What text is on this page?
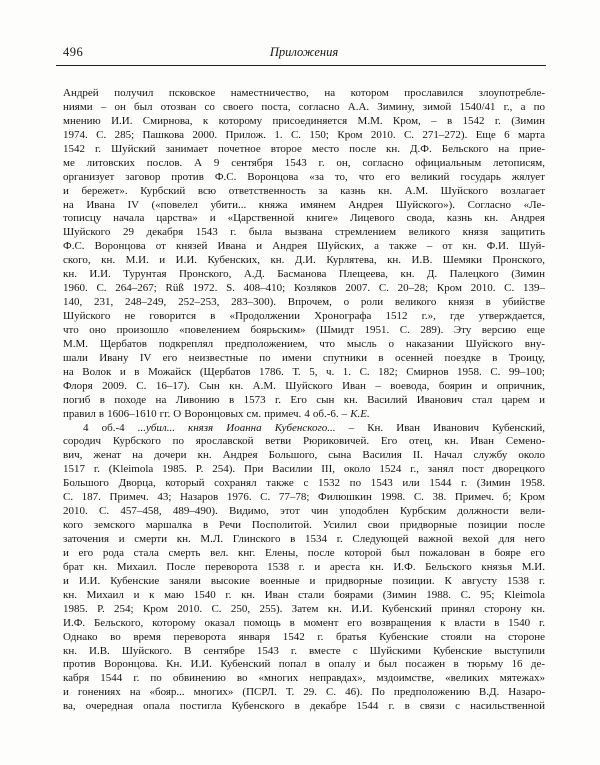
496	Приложения
Андрей получил псковское наместничество, на котором прославился злоупотребле-
ниями – он был отозван со своего поста, согласно А.А. Зимину, зимой 1540/41 г., а по
мнению И.И. Смирнова, к которому присоединяется М.М. Кром, – в 1542 г. (Зимин
1974. С. 285; Пашкова 2000. Прилож. 1. С. 150; Кром 2010. С. 271–272). Еще 6 марта
1542 г. Шуйский занимает почетное второе место после кн. Д.Ф. Бельского на прие-
ме литовских послов. А 9 сентября 1543 г. он, согласно официальным летописям,
организует заговор против Ф.С. Воронцова «за то, что его великий государь жялует
и бережет». Курбский всю ответственность за казнь кн. А.М. Шуйского возлагает
на Ивана IV («повелел убити... княжа имянем Андрея Шуйского»). Согласно «Ле-
тописцу начала царства» и «Царственной книге» Лицевого свода, казнь кн. Андрея
Шуйского 29 декабря 1543 г. была вызвана стремлением великого князя защитить
Ф.С. Воронцова от князей Ивана и Андрея Шуйских, а также – от кн. Ф.И. Шуй-
ского, кн. М.И. и И.И. Кубенских, кн. Д.И. Курлятева, кн. И.В. Шемяки Пронского,
кн. И.И. Турунтая Пронского, А.Д. Басманова Плещеева, кн. Д. Палецкого (Зимин
1960. С. 264–267; Rüß 1972. S. 408–410; Козляков 2007. С. 20–28; Кром 2010. С. 139–
140, 231, 248–249, 252–253, 283–300). Впрочем, о роли великого князя в убийстве
Шуйского не говорится в «Продолжении Хронографа 1512 г.», где утверждается,
что оно произошло «повелением боярьским» (Шмидт 1951. С. 289). Эту версию еще
М.М. Щербатов подкреплял предположением, что мысль о наказании Шуйского вну-
шали Ивану IV его неизвестные по имени спутники в осенней поездке в Троицу,
на Волок и в Можайск (Щербатов 1786. Т. 5, ч. 1. С. 182; Смирнов 1958. С. 99–100;
Флоря 2009. С. 16–17). Сын кн. А.М. Шуйского Иван – воевода, боярин и опричник,
погиб в походе на Ливонию в 1573 г. Его сын кн. Василий Иванович стал царем и
правил в 1606–1610 гг. О Воронцовых см. примеч. 4 об.-6. – К.Е.
4 об.-4 ...убил... князя Иоанна Кубенского... – Кн. Иван Иванович Кубенский,
сородич Курбского по ярославской ветви Рюриковичей. Его отец, кн. Иван Семено-
вич, женат на дочери кн. Андрея Большого, сына Василия II. Начал службу около
1517 г. (Kleimola 1985. P. 254). При Василии III, около 1524 г., занял пост дворецкого
Большого Дворца, который сохранял также с 1532 по 1543 или 1544 г. (Зимин 1958.
С. 187. Примеч. 43; Назаров 1976. С. 77–78; Филюшкин 1998. С. 38. Примеч. б; Кром
2010. С. 457–458, 489–490). Видимо, этот чин уподоблен Курбским должности вели-
кого земского маршалка в Речи Посполитой. Усилил свои придворные позиции после
заточения и смерти кн. М.Л. Глинского в 1534 г. Следующей важной вехой для него
и его рода стала смерть вел. кнг. Елены, после которой был пожалован в бояре его
брат кн. Михаил. После переворота 1538 г. и ареста кн. И.Ф. Бельского князья М.И.
и И.И. Кубенские заняли высокие военные и придворные позиции. К августу 1538 г.
кн. Михаил и к маю 1540 г. кн. Иван стали боярами (Зимин 1988. С. 95; Kleimola
1985. P. 254; Кром 2010. С. 250, 255). Затем кн. И.И. Кубенский принял сторону кн.
И.Ф. Бельского, которому оказал помощь в момент его возвращения к власти в 1540 г.
Однако во время переворота января 1542 г. братья Кубенские стояли на стороне
кн. И.В. Шуйского. В сентябре 1543 г. вместе с Шуйскими Кубенские выступили
против Воронцова. Кн. И.И. Кубенский попал в опалу и был посажен в тюрьму 16 де-
кабря 1544 г. по обвинению во «многих неправдах», мздоимстве, «великих мятежах»
и гонениях на «бояр... многих» (ПСРЛ. Т. 29. С. 46). По предположению В.Д. Назаро-
ва, очередная опала постигла Кубенского в декабре 1544 г. в связи с насильственной
